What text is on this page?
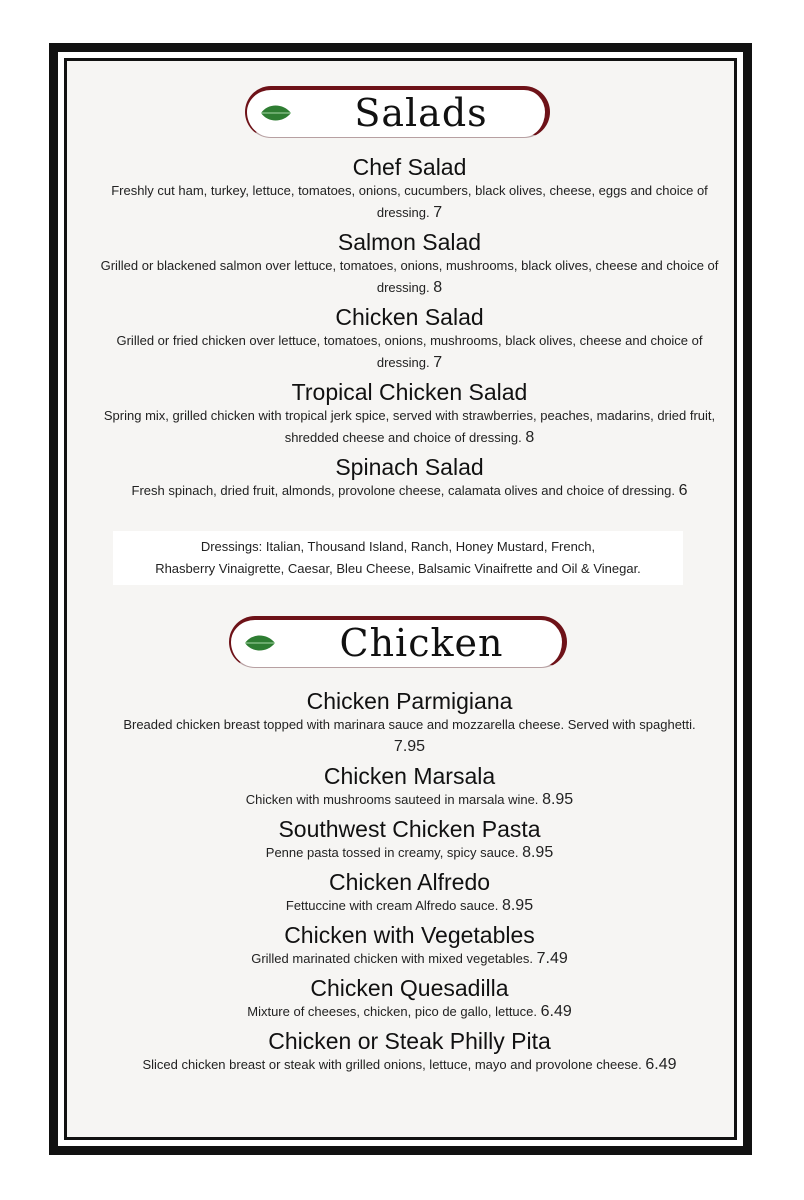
Salads
Chef Salad
Freshly cut ham, turkey, lettuce, tomatoes, onions, cucumbers, black olives, cheese, eggs and choice of dressing. 7
Salmon Salad
Grilled or blackened salmon over lettuce, tomatoes, onions, mushrooms, black olives, cheese and choice of dressing. 8
Chicken Salad
Grilled or fried chicken over lettuce, tomatoes, onions, mushrooms, black olives, cheese and choice of dressing. 7
Tropical Chicken Salad
Spring mix, grilled chicken with tropical jerk spice, served with strawberries, peaches, madarins, dried fruit, shredded cheese and choice of dressing. 8
Spinach Salad
Fresh spinach, dried fruit, almonds, provolone cheese, calamata olives and choice of dressing. 6
Dressings: Italian, Thousand Island, Ranch, Honey Mustard, French,
Rhasberry Vinaigrette, Caesar, Bleu Cheese, Balsamic Vinaifrette and Oil & Vinegar.
Chicken
Chicken Parmigiana
Breaded chicken breast topped with marinara sauce and mozzarella cheese. Served with spaghetti. 7.95
Chicken Marsala
Chicken with mushrooms sauteed in marsala wine. 8.95
Southwest Chicken Pasta
Penne pasta tossed in creamy, spicy sauce. 8.95
Chicken Alfredo
Fettuccine with cream Alfredo sauce. 8.95
Chicken with Vegetables
Grilled marinated chicken with mixed vegetables. 7.49
Chicken Quesadilla
Mixture of cheeses, chicken, pico de gallo, lettuce. 6.49
Chicken or Steak Philly Pita
Sliced chicken breast or steak with grilled onions, lettuce, mayo and provolone cheese. 6.49
